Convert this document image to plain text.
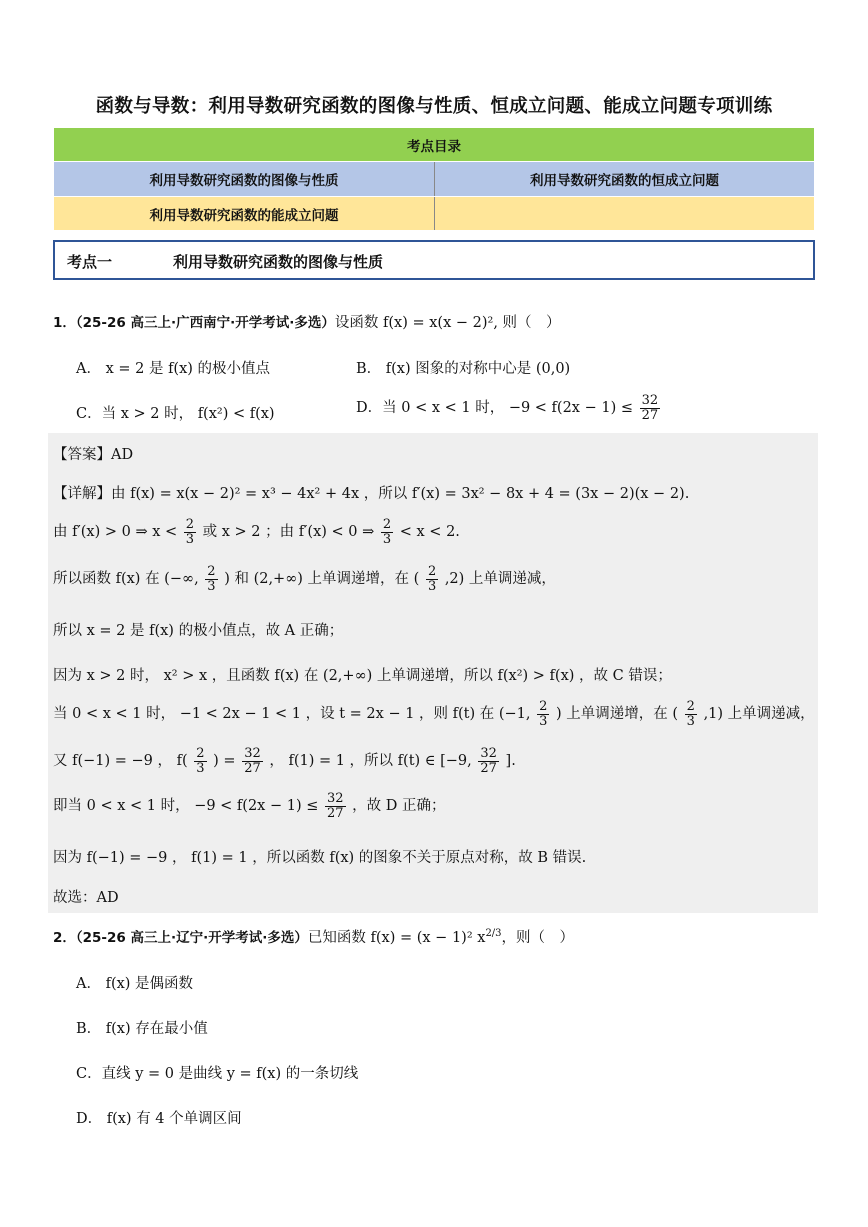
函数与导数：利用导数研究函数的图像与性质、恒成立问题、能成立问题专项训练
考点目录	
利用导数研究函数的图像与性质	利用导数研究函数的恒成立问题
利用导数研究函数的能成立问题	
考点一	利用导数研究函数的图像与性质
1．（25-26 高三上·广西南宁·开学考试·多选）设函数 f(x) = x(x − 2)², 则（　）
A． x = 2 是 f(x) 的极小值点	B． f(x) 图象的对称中心是 (0,0)
C．当 x > 2 时， f(x²) < f(x)	D．当 0 < x < 1 时， $-9 < f(2x - 1) \le \frac{32}{27}$
【答案】AD
【详解】由 f(x) = x(x − 2)² = x³ − 4x² + 4x ，所以 f′(x) = 3x² − 8x + 4 = (3x − 2)(x − 2).
由 f′(x) > 0 ⇒ $x < \frac{2}{3}$ 或 x > 2 ；由 f′(x) < 0 ⇒ $\frac{2}{3} < x < 2$.
所以函数 f(x) 在 (−∞, $\frac{2}{3}$ ) 和 (2,+∞) 上单调递增，在 ( $\frac{2}{3} ,2$) 上单调递减，
所以 x = 2 是 f(x) 的极小值点，故 A 正确；
因为 x > 2 时， x² > x ，且函数 f(x) 在 (2,+∞) 上单调递增，所以 f(x²) > f(x) ，故 C 错误；
当 0 < x < 1 时， −1 < 2x − 1 < 1 ，设 t = 2x − 1 ，则 f(t) 在 (−1, $\frac{2}{3}$ ) 上单调递增，在 ( $\frac{2}{3} ,1$) 上单调递减，
又 f(−1) = −9 ， $f( \frac{2}{3}$ ) = $\frac{32}{27}$ ， f(1) = 1 ，所以 f(t) ∈ [−9, $\frac{32}{27}$ ].
即当 0 < x < 1 时， $-9 < f(2x - 1) \le \frac{32}{27}$ ，故 D 正确；
因为 f(−1) = −9 ， f(1) = 1 ，所以函数 f(x) 的图象不关于原点对称，故 B 错误.
故选：AD
2．（25-26 高三上·辽宁·开学考试·多选）已知函数 f(x) = (x − 1)² $x^{2/3}$，则（　）
A． f(x) 是偶函数
B． f(x) 存在最小值
C．直线 y = 0 是曲线 y = f(x) 的一条切线
D． f(x) 有 4 个单调区间
